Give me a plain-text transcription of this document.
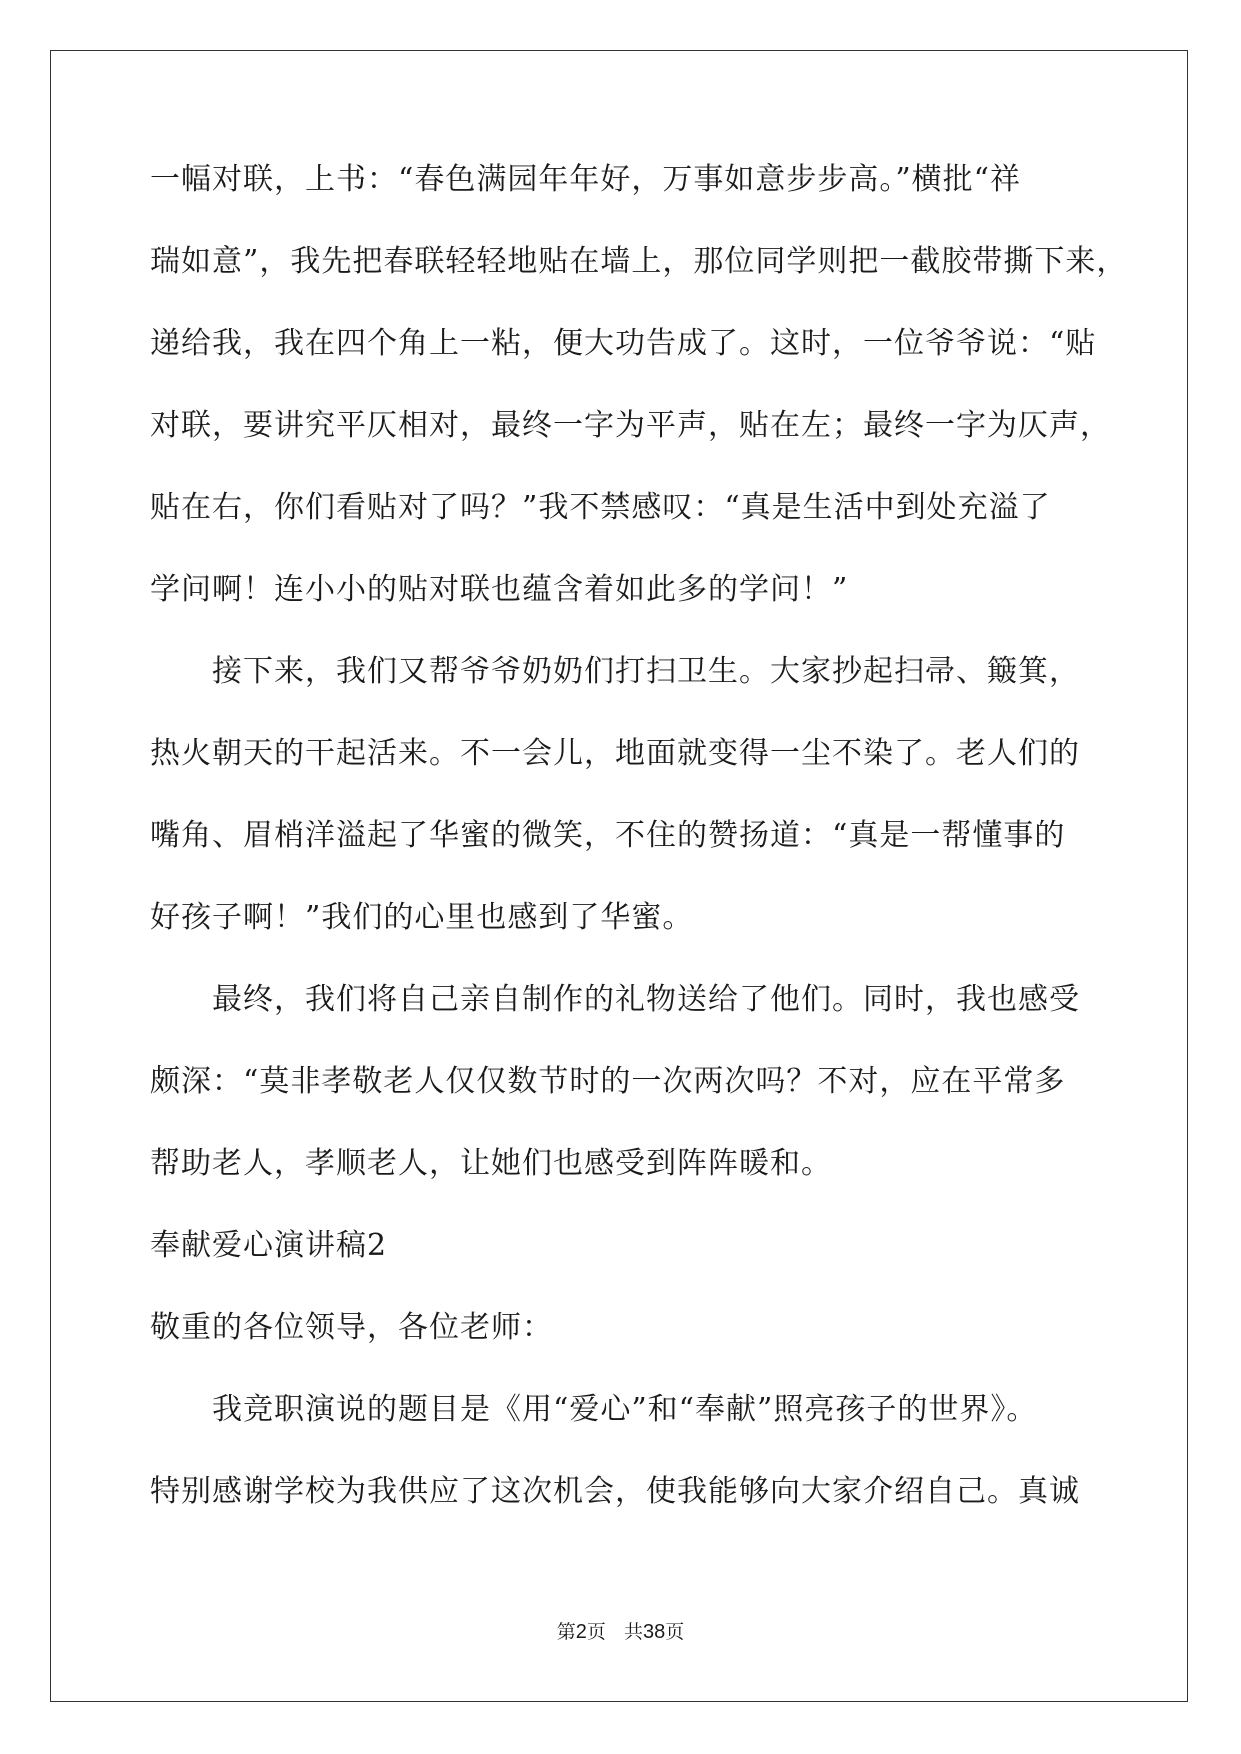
一幅对联，上书：“春色满园年年好，万事如意步步高。”横批“祥

瑞如意”，我先把春联轻轻地贴在墙上，那位同学则把一截胶带撕下来，

递给我，我在四个角上一粘，便大功告成了。这时，一位爷爷说：“贴

对联，要讲究平仄相对，最终一字为平声，贴在左；最终一字为仄声，

贴在右，你们看贴对了吗？”我不禁感叹：“真是生活中到处充溢了

学问啊！连小小的贴对联也蕴含着如此多的学问！”

接下来，我们又帮爷爷奶奶们打扫卫生。大家抄起扫帚、簸箕，

热火朝天的干起活来。不一会儿，地面就变得一尘不染了。老人们的

嘴角、眉梢洋溢起了华蜜的微笑，不住的赞扬道：“真是一帮懂事的

好孩子啊！”我们的心里也感到了华蜜。

最终，我们将自己亲自制作的礼物送给了他们。同时，我也感受

颇深：“莫非孝敬老人仅仅数节时的一次两次吗？不对，应在平常多

帮助老人，孝顺老人，让她们也感受到阵阵暖和。

奉献爱心演讲稿2

敬重的各位领导，各位老师：

我竞职演说的题目是《用“爱心”和“奉献”照亮孩子的世界》。

特别感谢学校为我供应了这次机会，使我能够向大家介绍自己。真诚

第2页 共38页
